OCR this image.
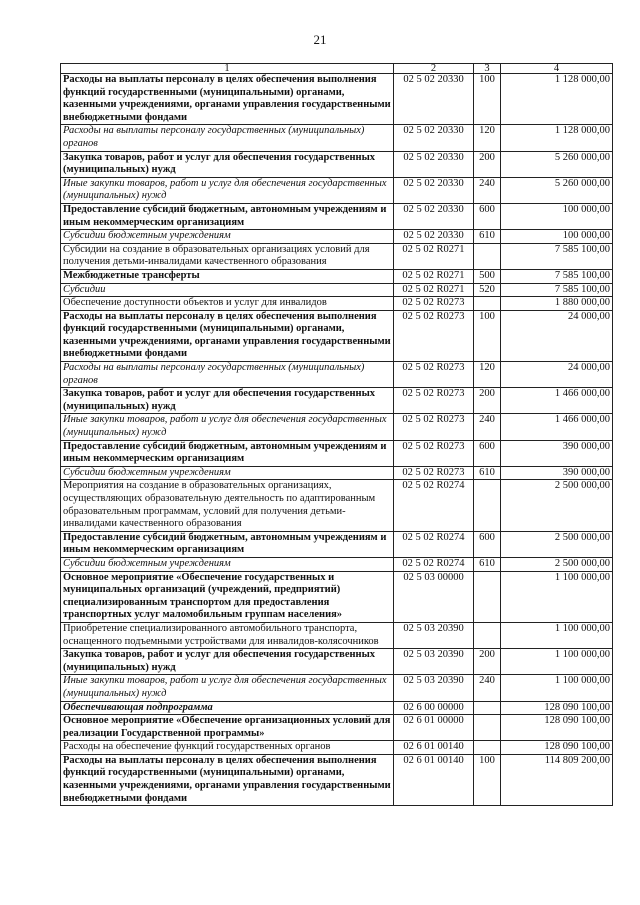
21
1	2	3	4
Расходы на выплаты персоналу в целях обеспечения выполнения функций государственными (муниципальными) органами, казенными учреждениями, органами управления государственными внебюджетными фондами	02 5 02 20330	100	1 128 000,00
Расходы на выплаты персоналу государственных (муниципальных) органов	02 5 02 20330	120	1 128 000,00
Закупка товаров, работ и услуг для обеспечения государственных (муниципальных) нужд	02 5 02 20330	200	5 260 000,00
Иные закупки товаров, работ и услуг для обеспечения государственных (муниципальных) нужд	02 5 02 20330	240	5 260 000,00
Предоставление субсидий бюджетным, автономным учреждениям и иным некоммерческим организациям	02 5 02 20330	600	100 000,00
Субсидии бюджетным учреждениям	02 5 02 20330	610	100 000,00
Субсидии на создание в образовательных организациях условий для получения детьми-инвалидами качественного образования	02 5 02 R0271		7 585 100,00
Межбюджетные трансферты	02 5 02 R0271	500	7 585 100,00
Субсидии	02 5 02 R0271	520	7 585 100,00
Обеспечение доступности объектов и услуг для инвалидов	02 5 02 R0273		1 880 000,00
Расходы на выплаты персоналу в целях обеспечения выполнения функций государственными (муниципальными) органами, казенными учреждениями, органами управления государственными внебюджетными фондами	02 5 02 R0273	100	24 000,00
Расходы на выплаты персоналу государственных (муниципальных) органов	02 5 02 R0273	120	24 000,00
Закупка товаров, работ и услуг для обеспечения государственных (муниципальных) нужд	02 5 02 R0273	200	1 466 000,00
Иные закупки товаров, работ и услуг для обеспечения государственных (муниципальных) нужд	02 5 02 R0273	240	1 466 000,00
Предоставление субсидий бюджетным, автономным учреждениям и иным некоммерческим организациям	02 5 02 R0273	600	390 000,00
Субсидии бюджетным учреждениям	02 5 02 R0273	610	390 000,00
Мероприятия на создание в образовательных организациях, осуществляющих образовательную деятельность по адаптированным образовательным программам, условий для получения детьми-инвалидами качественного образования	02 5 02 R0274		2 500 000,00
Предоставление субсидий бюджетным, автономным учреждениям и иным некоммерческим организациям	02 5 02 R0274	600	2 500 000,00
Субсидии бюджетным учреждениям	02 5 02 R0274	610	2 500 000,00
Основное мероприятие «Обеспечение государственных и муниципальных организаций (учреждений, предприятий) специализированным транспортом для предоставления транспортных услуг маломобильным группам населения»	02 5 03 00000		1 100 000,00
Приобретение специализированного автомобильного транспорта, оснащенного подъемными устройствами для инвалидов-колясочников	02 5 03 20390		1 100 000,00
Закупка товаров, работ и услуг для обеспечения государственных (муниципальных) нужд	02 5 03 20390	200	1 100 000,00
Иные закупки товаров, работ и услуг для обеспечения государственных (муниципальных) нужд	02 5 03 20390	240	1 100 000,00
Обеспечивающая подпрограмма	02 6 00 00000		128 090 100,00
Основное мероприятие «Обеспечение организационных условий для реализации Государственной программы»	02 6 01 00000		128 090 100,00
Расходы на обеспечение функций государственных органов	02 6 01 00140		128 090 100,00
Расходы на выплаты персоналу в целях обеспечения выполнения функций государственными (муниципальными) органами, казенными учреждениями, органами управления государственными внебюджетными фондами	02 6 01 00140	100	114 809 200,00
